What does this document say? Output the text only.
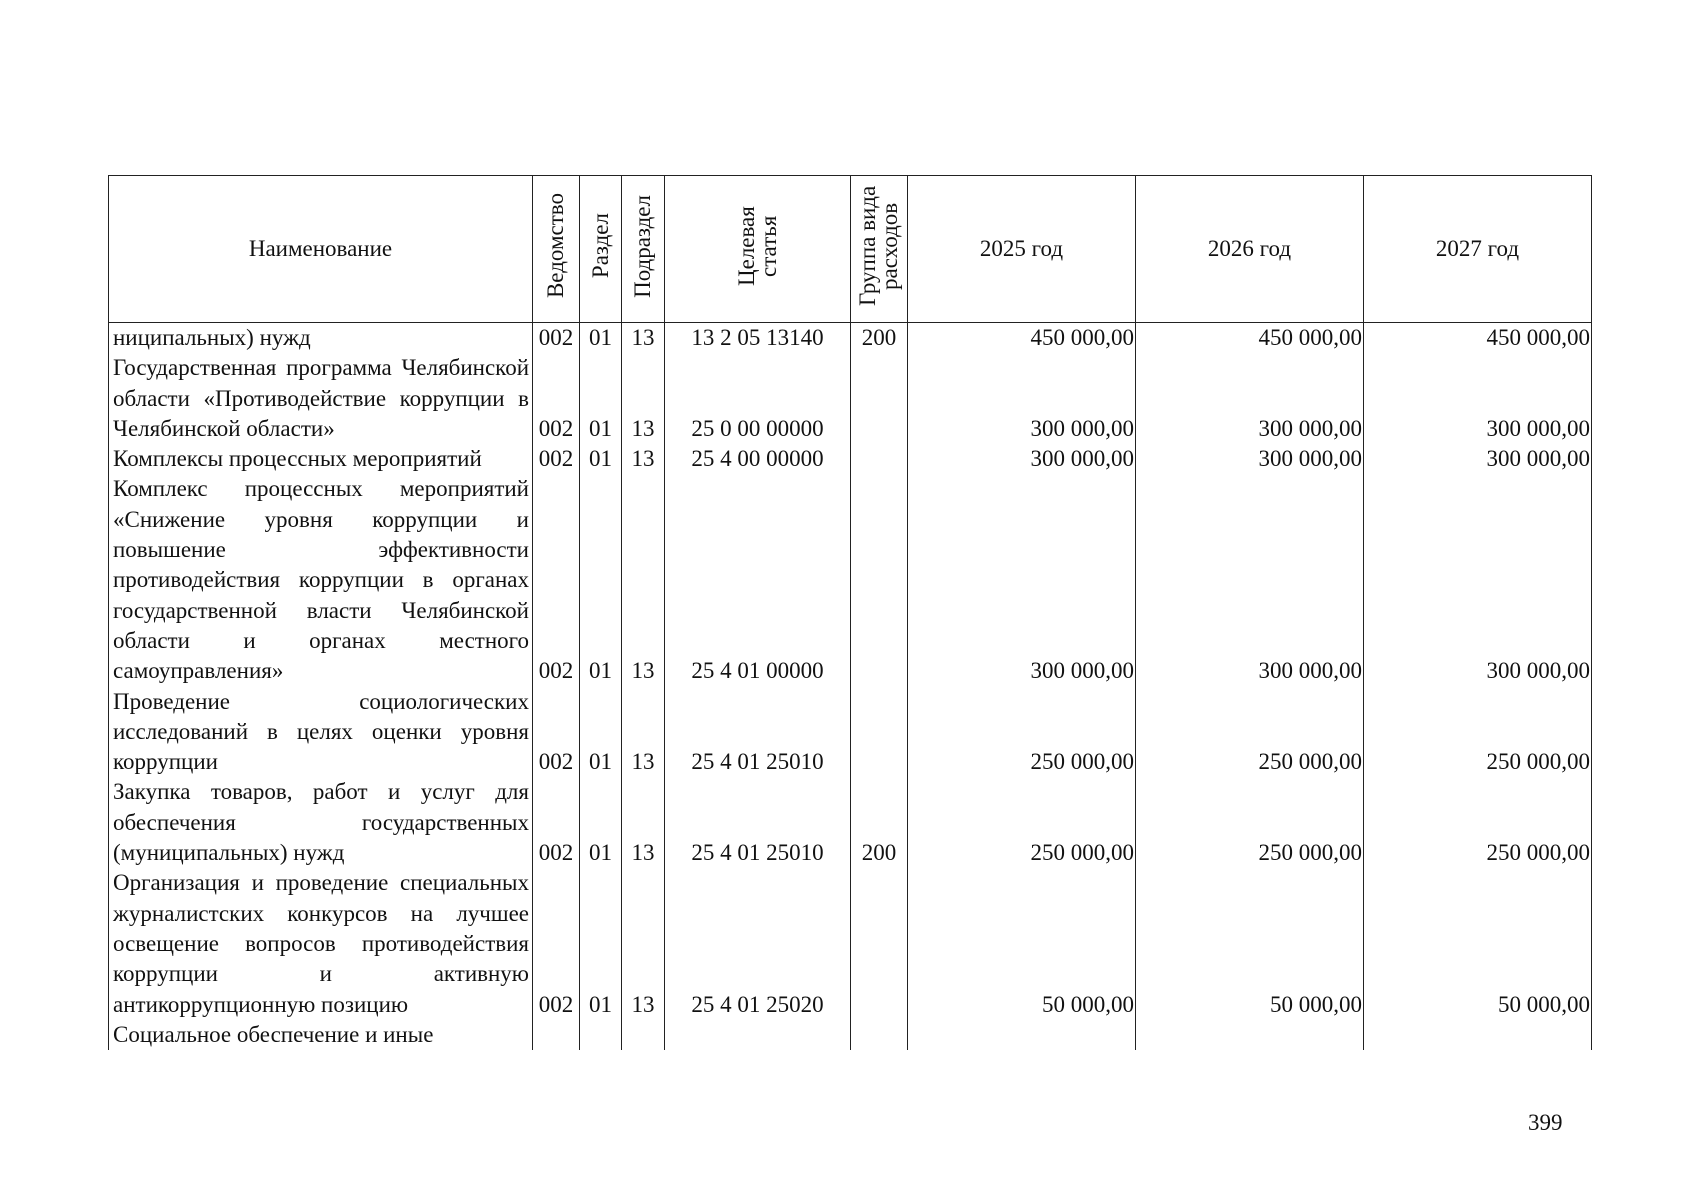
Наименование	Ведомство	Раздел	Подраздел	Целевая статья	Группа вида расходов	2025 год	2026 год	2027 год
ниципальных) нужд	002	01	13	13 2 05 13140	200	450 000,00	450 000,00	450 000,00
Государственная программа Челябинской области «Противодействие коррупции в Челябинской области»	002	01	13	25 0 00 00000		300 000,00	300 000,00	300 000,00
Комплексы процессных мероприятий	002	01	13	25 4 00 00000		300 000,00	300 000,00	300 000,00
Комплекс процессных мероприятий «Снижение уровня коррупции и повышение эффективности противодействия коррупции в органах государственной власти Челябинской области и органах местного самоуправления»	002	01	13	25 4 01 00000		300 000,00	300 000,00	300 000,00
Проведение социологических исследований в целях оценки уровня коррупции	002	01	13	25 4 01 25010		250 000,00	250 000,00	250 000,00
Закупка товаров, работ и услуг для обеспечения государственных (муниципальных) нужд	002	01	13	25 4 01 25010	200	250 000,00	250 000,00	250 000,00
Организация и проведение специальных журналистских конкурсов на лучшее освещение вопросов противодействия коррупции и активную антикоррупционную позицию	002	01	13	25 4 01 25020		50 000,00	50 000,00	50 000,00
Социальное обеспечение и иные								
399
